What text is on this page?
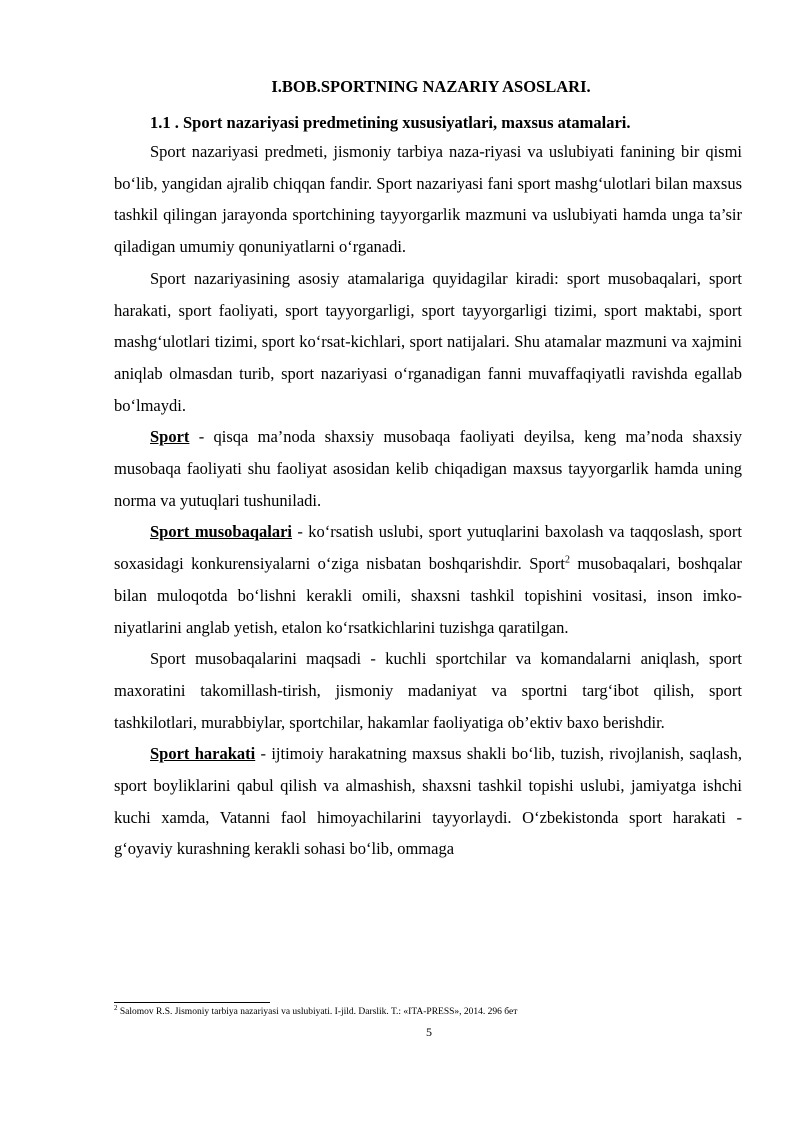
I.BOB.SPORTNING NAZARIY ASOSLARI.

1.1 . Sport nazariyasi predmetining xususiyatlari, maxsus atamalari.

Sport nazariyasi predmeti, jismoniy tarbiya naza-riyasi va uslubiyati fanining bir qismi bo‘lib, yangidan ajralib chiqqan fandir. Sport nazariyasi fani sport mashg‘ulotlari bilan maxsus tashkil qilingan jarayonda sportchining tayyorgarlik mazmuni va uslubiyati hamda unga ta’sir qiladigan umumiy qonuniyatlarni o‘rganadi.

Sport nazariyasining asosiy atamalariga quyidagilar kiradi: sport musobaqalari, sport harakati, sport faoliyati, sport tayyorgarligi, sport tayyorgarligi tizimi, sport maktabi, sport mashg‘ulotlari tizimi, sport ko‘rsat-kichlari, sport natijalari. Shu atamalar mazmuni va xajmini aniqlab olmasdan turib, sport nazariyasi o‘rganadigan fanni muvaffaqiyatli ravishda egallab bo‘lmaydi.

Sport - qisqa ma’noda shaxsiy musobaqa faoliyati deyilsa, keng ma’noda shaxsiy musobaqa faoliyati shu faoliyat asosidan kelib chiqadigan maxsus tayyorgarlik hamda uning norma va yutuqlari tushuniladi.

Sport musobaqalari - ko‘rsatish uslubi, sport yutuqlarini baxolash va taqqoslash, sport soxasidagi konkurensiyalarni o‘ziga nisbatan boshqarishdir. Sport$^2$ musobaqalari, boshqalar bilan muloqotda bo‘lishni kerakli omili, shaxsni tashkil topishini vositasi, inson imko-niyatlarini anglab yetish, etalon ko‘rsatkichlarini tuzishga qaratilgan.

Sport musobaqalarini maqsadi - kuchli sportchilar va komandalarni aniqlash, sport maxoratini takomillash-tirish, jismoniy madaniyat va sportni targ‘ibot qilish, sport tashkilotlari, murabbiylar, sportchilar, hakamlar faoliyatiga ob’ektiv baxo berishdir.

Sport harakati - ijtimoiy harakatning maxsus shakli bo‘lib, tuzish, rivojlanish, saqlash, sport boyliklarini qabul qilish va almashish, shaxsni tashkil topishi uslubi, jamiyatga ishchi kuchi xamda, Vatanni faol himoyachilarini tayyorlaydi. O‘zbekistonda sport harakati - g‘oyaviy kurashning kerakli sohasi bo‘lib, ommaga

$^2$ Salomov R.S. Jismoniy tarbiya nazariyasi va uslubiyati. I-jild. Darslik. T.: «ITA-PRESS», 2014. 296 бет
5
